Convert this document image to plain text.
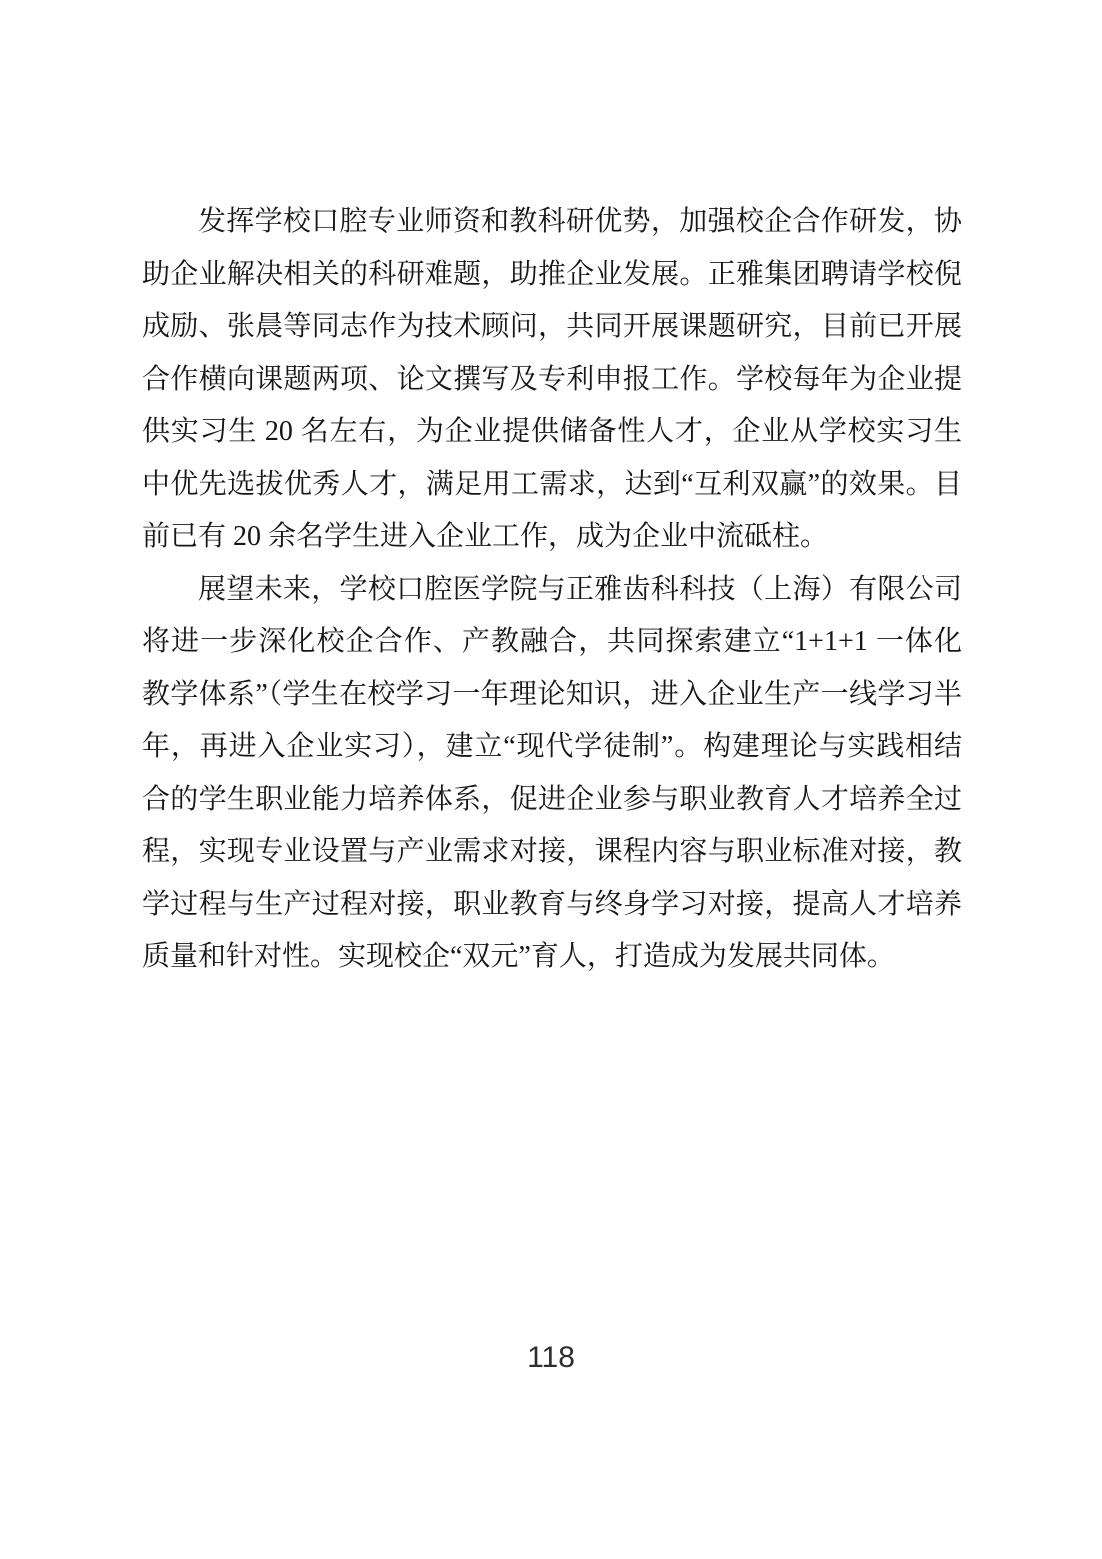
发挥学校口腔专业师资和教科研优势，加强校企合作研发，协助企业解决相关的科研难题，助推企业发展。正雅集团聘请学校倪成励、张晨等同志作为技术顾问，共同开展课题研究，目前已开展合作横向课题两项、论文撰写及专利申报工作。学校每年为企业提供实习生 20 名左右，为企业提供储备性人才，企业从学校实习生中优先选拔优秀人才，满足用工需求，达到“互利双赢”的效果。目前已有 20 余名学生进入企业工作，成为企业中流砥柱。

展望未来，学校口腔医学院与正雅齿科科技（上海）有限公司将进一步深化校企合作、产教融合，共同探索建立“1+1+1 一体化教学体系”（学生在校学习一年理论知识，进入企业生产一线学习半年，再进入企业实习），建立“现代学徒制”。构建理论与实践相结合的学生职业能力培养体系，促进企业参与职业教育人才培养全过程，实现专业设置与产业需求对接，课程内容与职业标准对接，教学过程与生产过程对接，职业教育与终身学习对接，提高人才培养质量和针对性。实现校企“双元”育人，打造成为发展共同体。

118
